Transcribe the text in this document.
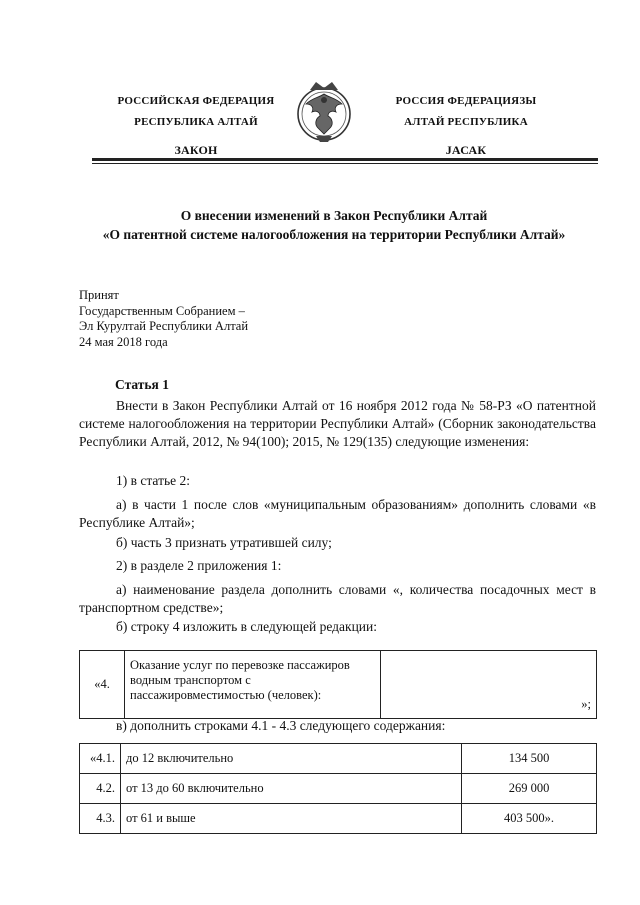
РОССИЙСКАЯ ФЕДЕРАЦИЯ
РЕСПУБЛИКА АЛТАЙ
ЗАКОН
РОССИЯ ФЕДЕРАЦИЯЗЫ
АЛТАЙ РЕСПУБЛИКА
JАСАК
О внесении изменений в Закон Республики Алтай
«О патентной системе налогообложения на территории Республики Алтай»
Принят
Государственным Собранием –
Эл Курултай Республики Алтай
24 мая 2018 года
Статья 1
Внести в Закон Республики Алтай от 16 ноября 2012 года № 58-РЗ «О патентной системе налогообложения на территории Республики Алтай» (Сборник законодательства Республики Алтай, 2012, № 94(100); 2015, № 129(135) следующие изменения:
1) в статье 2:
а) в части 1 после слов «муниципальным образованиям» дополнить словами «в Республике Алтай»;
б) часть 3 признать утратившей силу;
2) в разделе 2 приложения 1:
а) наименование раздела дополнить словами «, количества посадочных мест в транспортном средстве»;
б) строку 4 изложить в следующей редакции:
«4.	Оказание услуг по перевозке пассажиров водным транспортом с пассажировместимостью (человек):	»;
в) дополнить строками 4.1 - 4.3 следующего содержания:
«4.1.	до 12 включительно	134 500
4.2.	от 13 до 60 включительно	269 000
4.3.	от 61 и выше	403 500».
